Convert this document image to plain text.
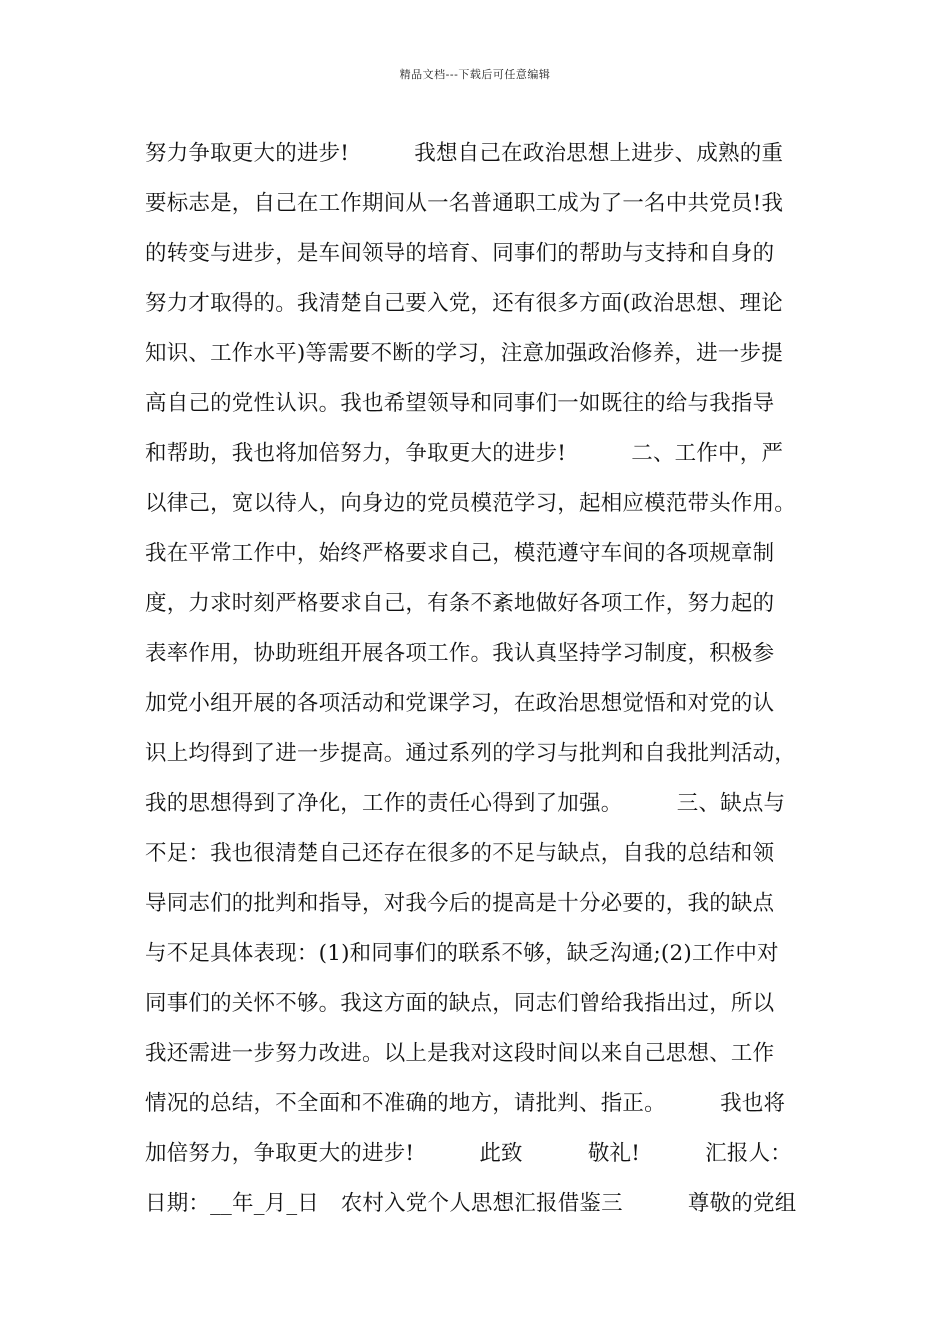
精品文档---下载后可任意编辑
努力争取更大的进步!　　　我想自己在政治思想上进步、成熟的重
要标志是，自己在工作期间从一名普通职工成为了一名中共党员!我
的转变与进步，是车间领导的培育、同事们的帮助与支持和自身的
努力才取得的。我清楚自己要入党，还有很多方面(政治思想、理论
知识、工作水平)等需要不断的学习，注意加强政治修养，进一步提
高自己的党性认识。我也希望领导和同事们一如既往的给与我指导
和帮助，我也将加倍努力，争取更大的进步!　　　二、工作中，严
以律己，宽以待人，向身边的党员模范学习，起相应模范带头作用。
我在平常工作中，始终严格要求自己，模范遵守车间的各项规章制
度，力求时刻严格要求自己，有条不紊地做好各项工作，努力起的
表率作用，协助班组开展各项工作。我认真坚持学习制度，积极参
加党小组开展的各项活动和党课学习，在政治思想觉悟和对党的认
识上均得到了进一步提高。通过系列的学习与批判和自我批判活动，
我的思想得到了净化，工作的责任心得到了加强。　　　三、缺点与
不足：我也很清楚自己还存在很多的不足与缺点，自我的总结和领
导同志们的批判和指导，对我今后的提高是十分必要的，我的缺点
与不足具体表现：(1)和同事们的联系不够，缺乏沟通;(2)工作中对
同事们的关怀不够。我这方面的缺点，同志们曾给我指出过，所以
我还需进一步努力改进。以上是我对这段时间以来自己思想、工作
情况的总结，不全面和不准确的地方，请批判、指正。　　　我也将
加倍努力，争取更大的进步!　　　此致　　　敬礼!　　　汇报人：
日期：__年_月_日　农村入党个人思想汇报借鉴三　　　尊敬的党组
